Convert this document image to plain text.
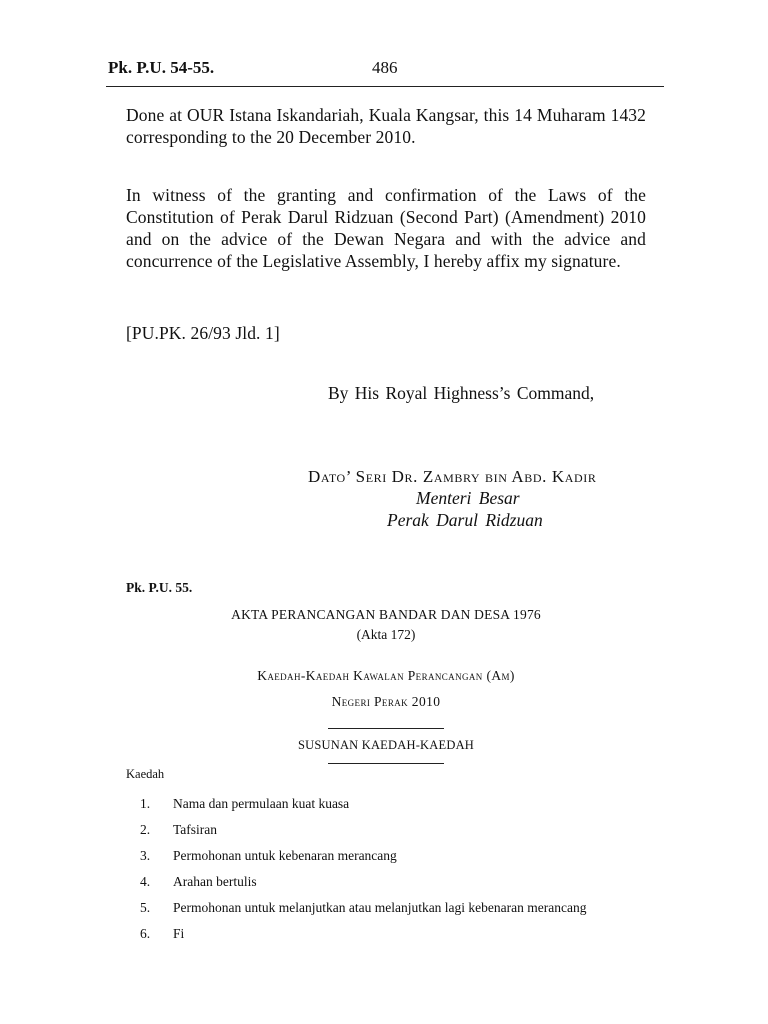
Pk. P.U. 54-55.	486
Done at OUR Istana Iskandariah, Kuala Kangsar, this 14 Muharam 1432 corresponding to the 20 December 2010.
In witness of the granting and confirmation of the Laws of the Constitution of Perak Darul Ridzuan (Second Part) (Amendment) 2010 and on the advice of the Dewan Negara and with the advice and concurrence of the Legislative Assembly, I hereby affix my signature.
[PU.PK. 26/93 Jld. 1]
By His Royal Highness’s Command,
Dato’ Seri Dr. Zambry bin Abd. Kadir
Menteri Besar
Perak Darul Ridzuan
Pk. P.U. 55.
AKTA PERANCANGAN BANDAR DAN DESA 1976
(Akta 172)
Kaedah-Kaedah Kawalan Perancangan (Am)
Negeri Perak 2010
SUSUNAN KAEDAH-KAEDAH
Kaedah
1.	Nama dan permulaan kuat kuasa
2.	Tafsiran
3.	Permohonan untuk kebenaran merancang
4.	Arahan bertulis
5.	Permohonan untuk melanjutkan atau melanjutkan lagi kebenaran merancang
6.	Fi
